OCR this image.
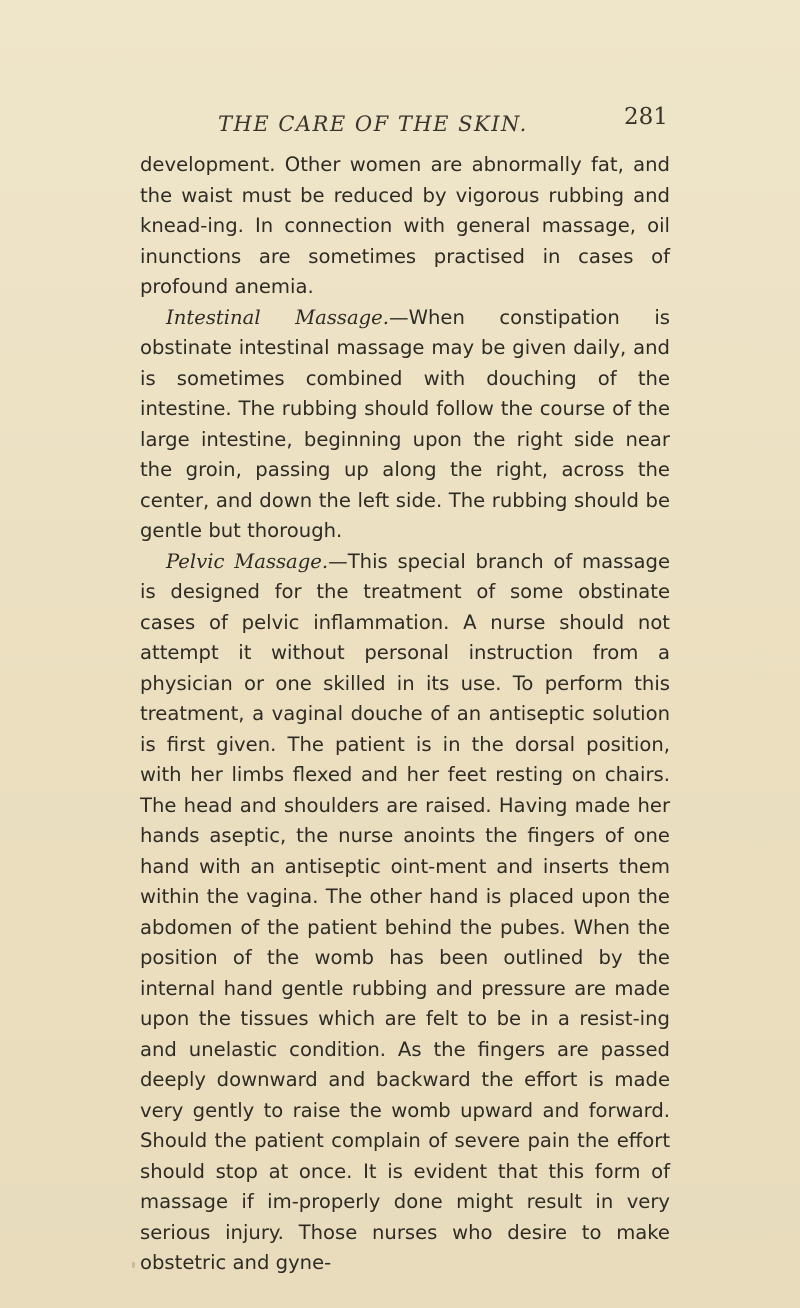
THE CARE OF THE SKIN.	281

development. Other women are abnormally fat, and the waist must be reduced by vigorous rubbing and knead-ing. In connection with general massage, oil inunctions are sometimes practised in cases of profound anemia.

Intestinal Massage.—When constipation is obstinate intestinal massage may be given daily, and is sometimes combined with douching of the intestine. The rubbing should follow the course of the large intestine, beginning upon the right side near the groin, passing up along the right, across the center, and down the left side. The rubbing should be gentle but thorough.

Pelvic Massage.—This special branch of massage is designed for the treatment of some obstinate cases of pelvic inflammation. A nurse should not attempt it without personal instruction from a physician or one skilled in its use. To perform this treatment, a vaginal douche of an antiseptic solution is first given. The patient is in the dorsal position, with her limbs flexed and her feet resting on chairs. The head and shoulders are raised. Having made her hands aseptic, the nurse anoints the fingers of one hand with an antiseptic oint-ment and inserts them within the vagina. The other hand is placed upon the abdomen of the patient behind the pubes. When the position of the womb has been outlined by the internal hand gentle rubbing and pressure are made upon the tissues which are felt to be in a resist-ing and unelastic condition. As the fingers are passed deeply downward and backward the effort is made very gently to raise the womb upward and forward. Should the patient complain of severe pain the effort should stop at once. It is evident that this form of massage if im-properly done might result in very serious injury. Those nurses who desire to make obstetric and gyne-
